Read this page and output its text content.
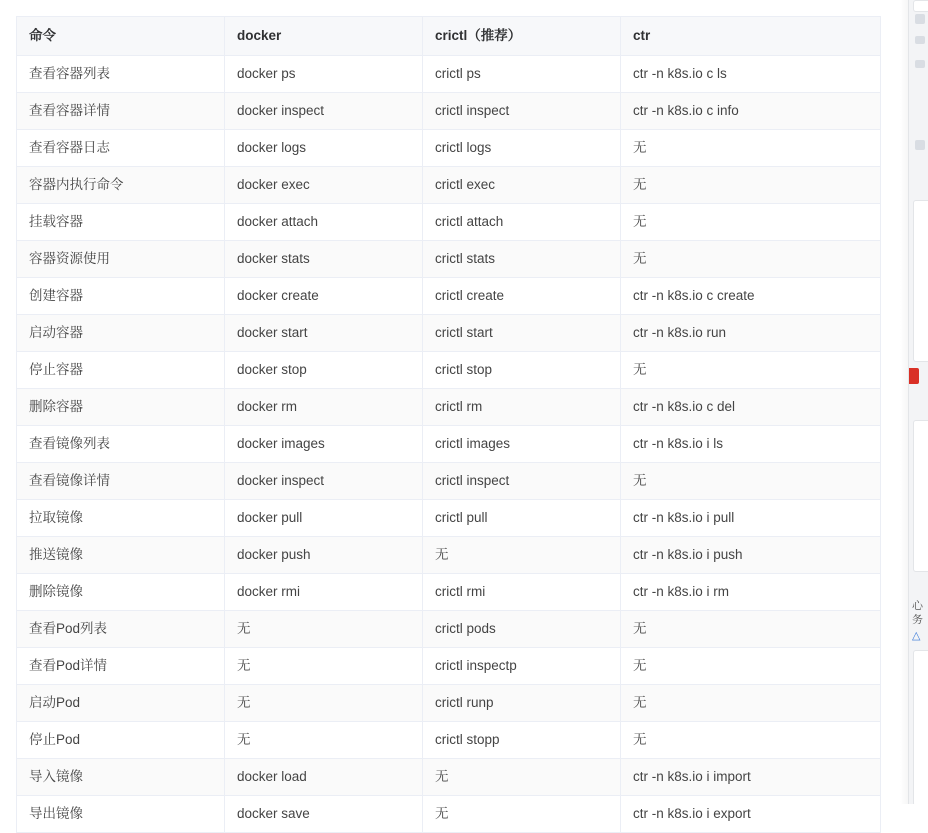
命令	docker	crictl（推荐）	ctr
查看容器列表	docker ps	crictl ps	ctr -n k8s.io c ls
查看容器详情	docker inspect	crictl inspect	ctr -n k8s.io c info
查看容器日志	docker logs	crictl logs	无
容器内执行命令	docker exec	crictl exec	无
挂载容器	docker attach	crictl attach	无
容器资源使用	docker stats	crictl stats	无
创建容器	docker create	crictl create	ctr -n k8s.io c create
启动容器	docker start	crictl start	ctr -n k8s.io run
停止容器	docker stop	crictl stop	无
删除容器	docker rm	crictl rm	ctr -n k8s.io c del
查看镜像列表	docker images	crictl images	ctr -n k8s.io i ls
查看镜像详情	docker inspect	crictl inspect	无
拉取镜像	docker pull	crictl pull	ctr -n k8s.io i pull
推送镜像	docker push	无	ctr -n k8s.io i push
删除镜像	docker rmi	crictl rmi	ctr -n k8s.io i rm
查看Pod列表	无	crictl pods	无
查看Pod详情	无	crictl inspectp	无
启动Pod	无	crictl runp	无
停止Pod	无	crictl stopp	无
导入镜像	docker load	无	ctr -n k8s.io i import
导出镜像	docker save	无	ctr -n k8s.io i export
心
务
△
